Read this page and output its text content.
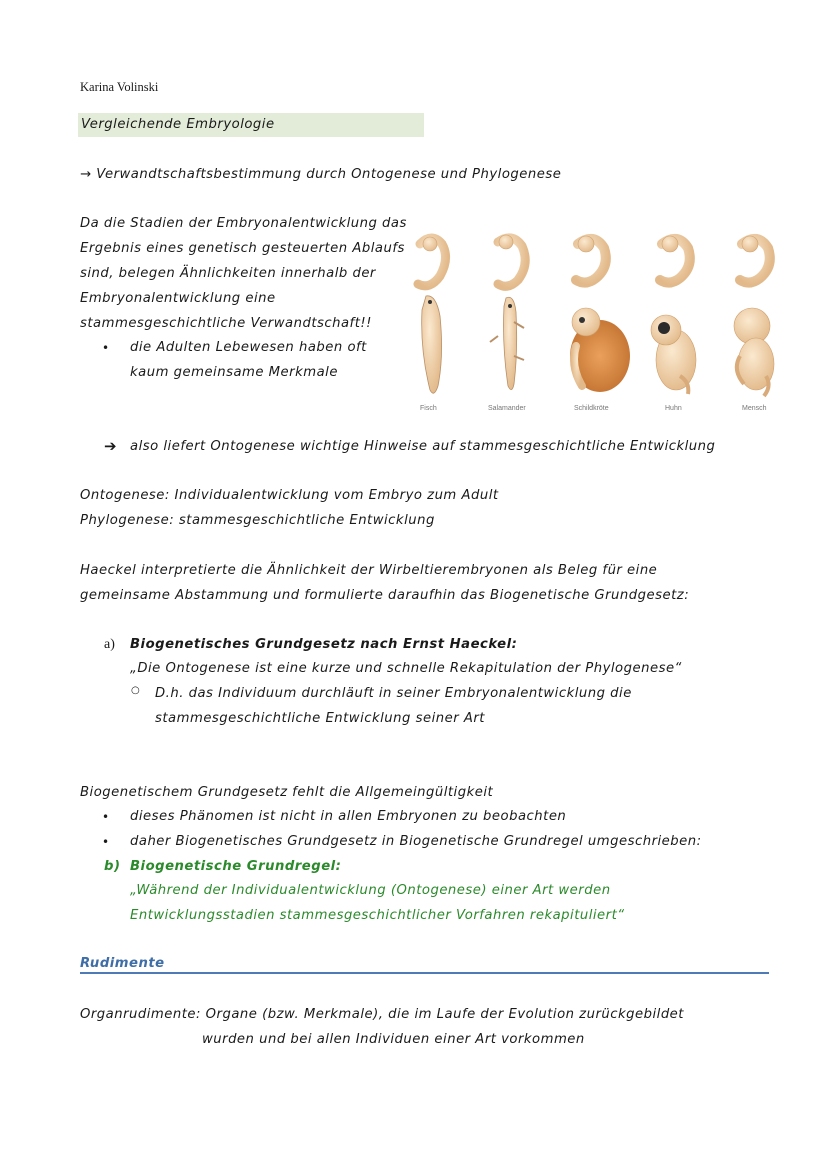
Karina Volinski
Vergleichende Embryologie
→ Verwandtschaftsbestimmung durch Ontogenese und Phylogenese
Da die Stadien der Embryonalentwicklung das
Ergebnis eines genetisch gesteuerten Ablaufs
sind, belegen Ähnlichkeiten innerhalb der
Embryonalentwicklung eine
stammesgeschichtliche Verwandtschaft!!
• die Adulten Lebewesen haben oft
kaum gemeinsame Merkmale
Fisch	Salamander	Schildkröte	Huhn	Mensch
➔ also liefert Ontogenese wichtige Hinweise auf stammesgeschichtliche Entwicklung
Ontogenese: Individualentwicklung vom Embryo zum Adult
Phylogenese: stammesgeschichtliche Entwicklung
Haeckel interpretierte die Ähnlichkeit der Wirbeltierembryonen als Beleg für eine
gemeinsame Abstammung und formulierte daraufhin das Biogenetische Grundgesetz:
a) Biogenetisches Grundgesetz nach Ernst Haeckel:
„Die Ontogenese ist eine kurze und schnelle Rekapitulation der Phylogenese“
○ D.h. das Individuum durchläuft in seiner Embryonalentwicklung die
stammesgeschichtliche Entwicklung seiner Art
Biogenetischem Grundgesetz fehlt die Allgemeingültigkeit
• dieses Phänomen ist nicht in allen Embryonen zu beobachten
• daher Biogenetisches Grundgesetz in Biogenetische Grundregel umgeschrieben:
b) Biogenetische Grundregel:
„Während der Individualentwicklung (Ontogenese) einer Art werden
Entwicklungsstadien stammesgeschichtlicher Vorfahren rekapituliert“
Rudimente
Organrudimente: Organe (bzw. Merkmale), die im Laufe der Evolution zurückgebildet
wurden und bei allen Individuen einer Art vorkommen
